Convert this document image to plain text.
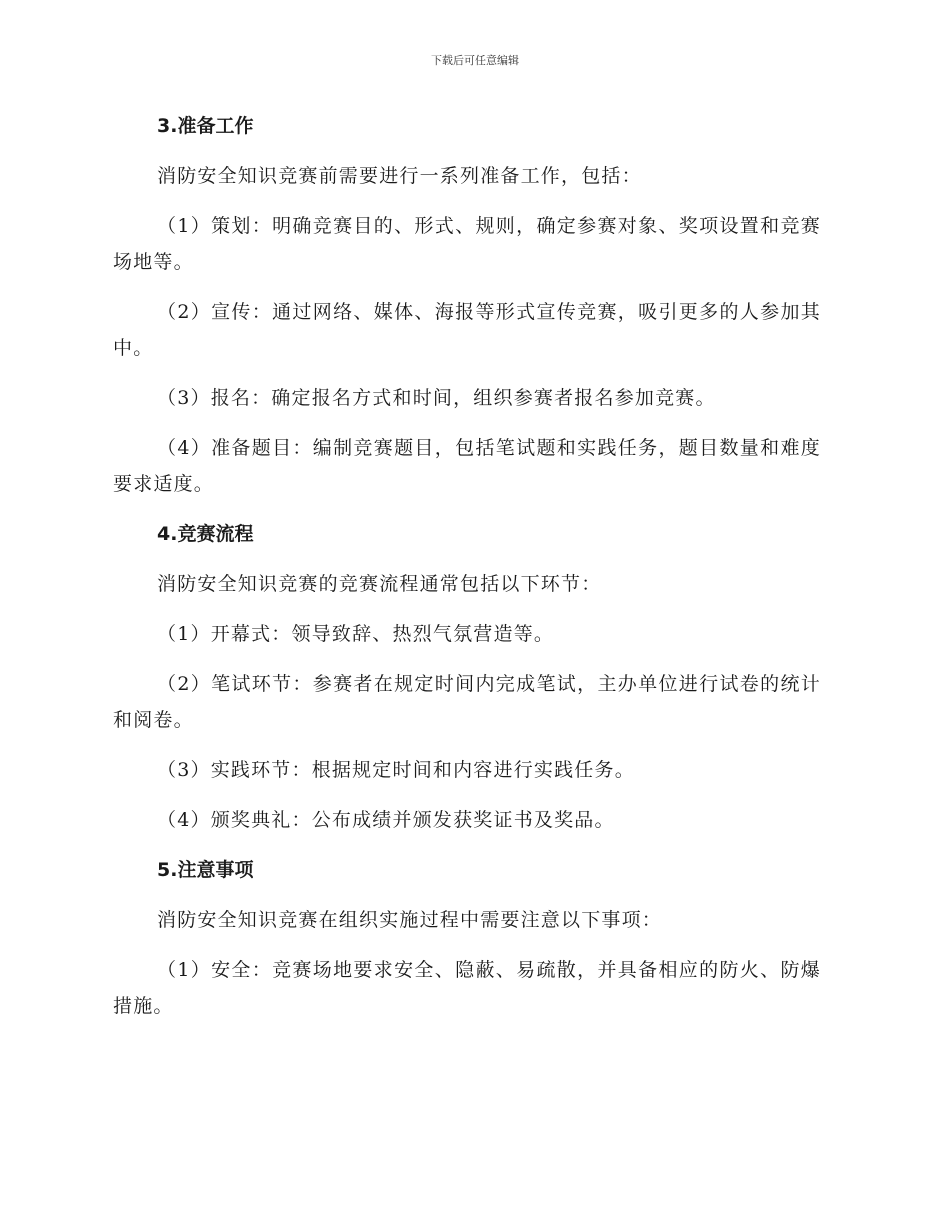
下载后可任意编辑
3.准备工作

消防安全知识竞赛前需要进行一系列准备工作，包括：

（1）策划：明确竞赛目的、形式、规则，确定参赛对象、奖项设置和竞赛场地等。

（2）宣传：通过网络、媒体、海报等形式宣传竞赛，吸引更多的人参加其中。

（3）报名：确定报名方式和时间，组织参赛者报名参加竞赛。

（4）准备题目：编制竞赛题目，包括笔试题和实践任务，题目数量和难度要求适度。

4.竞赛流程

消防安全知识竞赛的竞赛流程通常包括以下环节：

（1）开幕式：领导致辞、热烈气氛营造等。

（2）笔试环节：参赛者在规定时间内完成笔试，主办单位进行试卷的统计和阅卷。

（3）实践环节：根据规定时间和内容进行实践任务。

（4）颁奖典礼：公布成绩并颁发获奖证书及奖品。

5.注意事项

消防安全知识竞赛在组织实施过程中需要注意以下事项：

（1）安全：竞赛场地要求安全、隐蔽、易疏散，并具备相应的防火、防爆措施。
